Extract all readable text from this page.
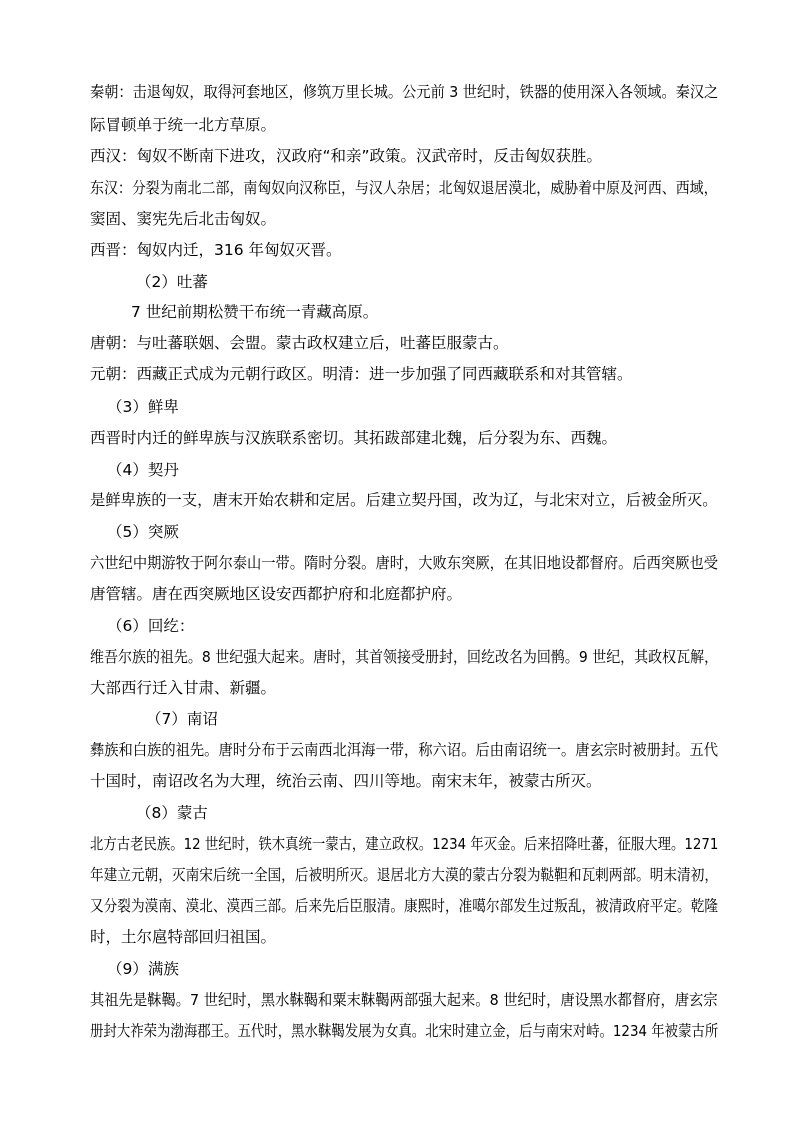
秦朝：击退匈奴，取得河套地区，修筑万里长城。公元前 3 世纪时，铁器的使用深入各领域。秦汉之

际冒顿单于统一北方草原。

西汉：匈奴不断南下进攻，汉政府“和亲”政策。汉武帝时，反击匈奴获胜。

东汉：分裂为南北二部，南匈奴向汉称臣，与汉人杂居；北匈奴退居漠北，威胁着中原及河西、西域，

窦固、窦宪先后北击匈奴。

西晋：匈奴内迁，316 年匈奴灭晋。

（2）吐蕃

7 世纪前期松赞干布统一青藏高原。

唐朝：与吐蕃联姻、会盟。蒙古政权建立后，吐蕃臣服蒙古。

元朝：西藏正式成为元朝行政区。明清：进一步加强了同西藏联系和对其管辖。

（3）鲜卑

西晋时内迁的鲜卑族与汉族联系密切。其拓跋部建北魏，后分裂为东、西魏。

（4）契丹

是鲜卑族的一支，唐末开始农耕和定居。后建立契丹国，改为辽，与北宋对立，后被金所灭。

（5）突厥

六世纪中期游牧于阿尔泰山一带。隋时分裂。唐时，大败东突厥，在其旧地设都督府。后西突厥也受

唐管辖。唐在西突厥地区设安西都护府和北庭都护府。

（6）回纥：

维吾尔族的祖先。8 世纪强大起来。唐时，其首领接受册封，回纥改名为回鹘。9 世纪，其政权瓦解，

大部西行迁入甘肃、新疆。

（7）南诏

彝族和白族的祖先。唐时分布于云南西北洱海一带，称六诏。后由南诏统一。唐玄宗时被册封。五代

十国时，南诏改名为大理，统治云南、四川等地。南宋末年，被蒙古所灭。

（8）蒙古

北方古老民族。12 世纪时，铁木真统一蒙古，建立政权。1234 年灭金。后来招降吐蕃，征服大理。1271

年建立元朝，灭南宋后统一全国，后被明所灭。退居北方大漠的蒙古分裂为鞑靼和瓦剌两部。明末清初，

又分裂为漠南、漠北、漠西三部。后来先后臣服清。康熙时，准噶尔部发生过叛乱，被清政府平定。乾隆

时，土尔扈特部回归祖国。

（9）满族

其祖先是靺鞨。7 世纪时，黑水靺鞨和粟末靺鞨两部强大起来。8 世纪时，唐设黑水都督府，唐玄宗

册封大祚荣为渤海郡王。五代时，黑水靺鞨发展为女真。北宋时建立金，后与南宋对峙。1234 年被蒙古所
